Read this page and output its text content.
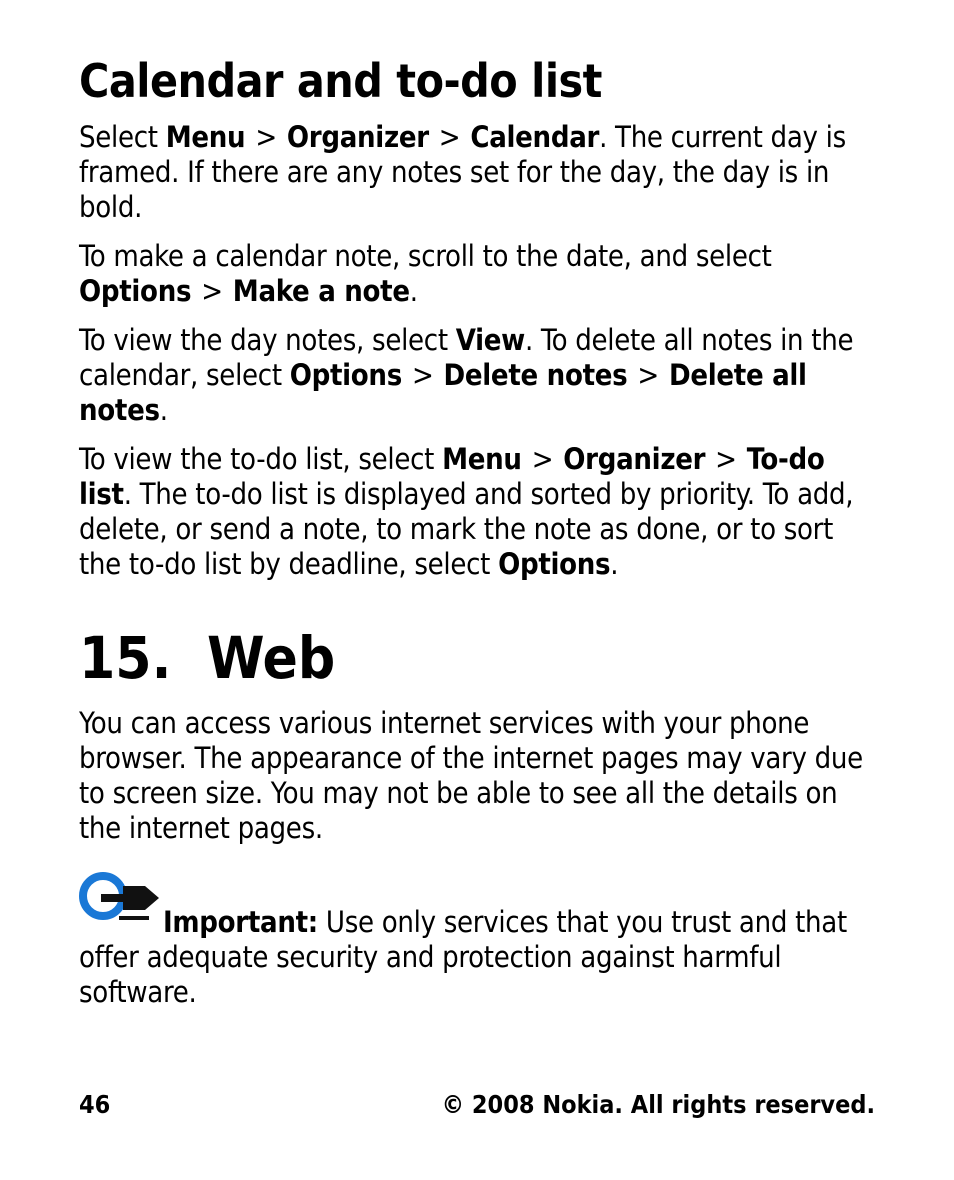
Calendar and to-do list

Select Menu > Organizer > Calendar. The current day is framed. If there are any notes set for the day, the day is in bold.

To make a calendar note, scroll to the date, and select Options > Make a note.

To view the day notes, select View. To delete all notes in the calendar, select Options > Delete notes > Delete all notes.

To view the to-do list, select Menu > Organizer > To-do list. The to-do list is displayed and sorted by priority. To add, delete, or send a note, to mark the note as done, or to sort the to-do list by deadline, select Options.

15. Web

You can access various internet services with your phone browser. The appearance of the internet pages may vary due to screen size. You may not be able to see all the details on the internet pages.

Important: Use only services that you trust and that offer adequate security and protection against harmful software.

46	© 2008 Nokia. All rights reserved.
